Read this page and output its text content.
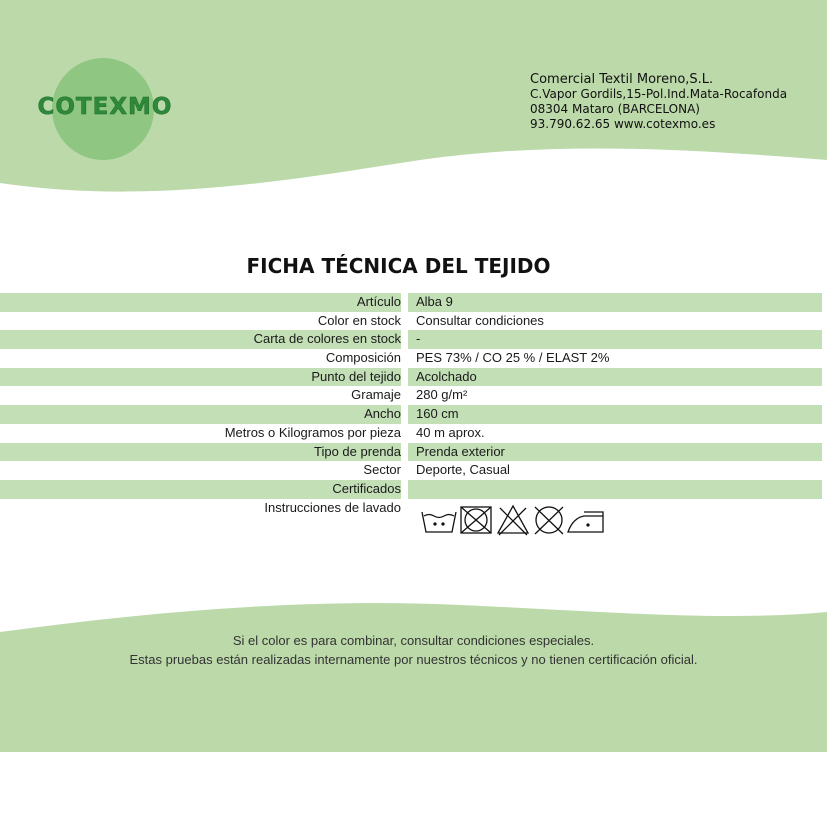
COTEXMO
Comercial Textil Moreno,S.L.
C.Vapor Gordils,15-Pol.Ind.Mata-Rocafonda
08304 Mataro (BARCELONA)
93.790.62.65 www.cotexmo.es
FICHA TÉCNICA DEL TEJIDO
Artículo	Alba 9
Color en stock	Consultar condiciones
Carta de colores en stock	-
Composición	PES 73% / CO 25 % / ELAST 2%
Punto del tejido	Acolchado
Gramaje	280 g/m²
Ancho	160 cm
Metros o Kilogramos por pieza	40 m aprox.
Tipo de prenda	Prenda exterior
Sector	Deporte, Casual
Certificados
Instrucciones de lavado
Si el color es para combinar, consultar condiciones especiales.
Estas pruebas están realizadas internamente por nuestros técnicos y no tienen certificación oficial.
